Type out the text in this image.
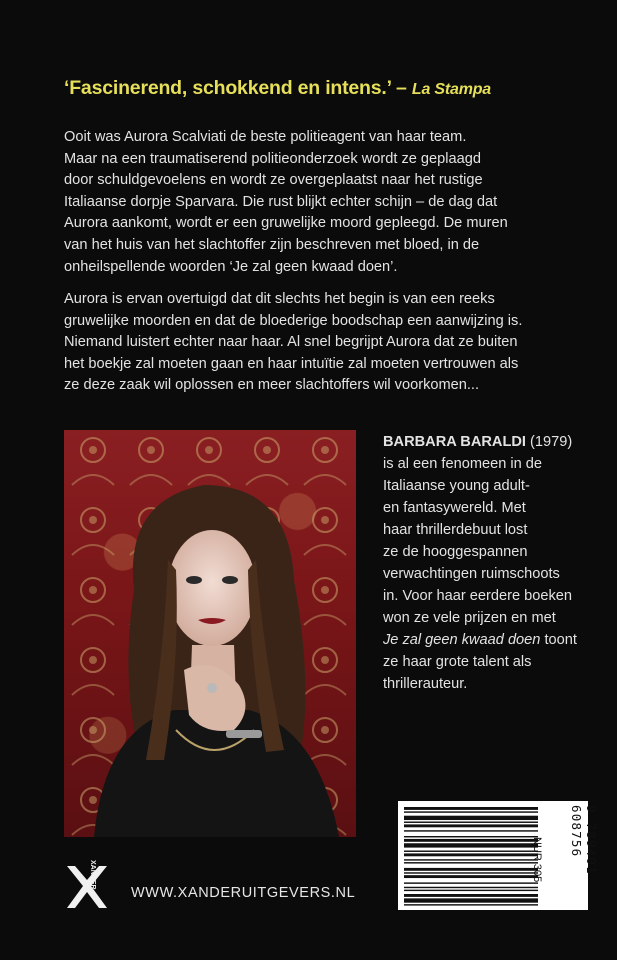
‘Fascinerend, schokkend en intens.’ – La Stampa

Ooit was Aurora Scalviati de beste politieagent van haar team.
Maar na een traumatiserend politieonderzoek wordt ze geplaagd
door schuldgevoelens en wordt ze overgeplaatst naar het rustige
Italiaanse dorpje Sparvara. Die rust blijkt echter schijn – de dag dat
Aurora aankomt, wordt er een gruwelijke moord gepleegd. De muren
van het huis van het slachtoffer zijn beschreven met bloed, in de
onheilspellende woorden ‘Je zal geen kwaad doen’.

Aurora is ervan overtuigd dat dit slechts het begin is van een reeks
gruwelijke moorden en dat de bloederige boodschap een aanwijzing is.
Niemand luistert echter naar haar. Al snel begrijpt Aurora dat ze buiten
het boekje zal moeten gaan en haar intuïtie zal moeten vertrouwen als
ze deze zaak wil oplossen en meer slachtoffers wil voorkomen...

BARBARA BARALDI (1979)
is al een fenomeen in de
Italiaanse young adult-
en fantasywereld. Met
haar thrillerdebuut lost
ze de hooggespannen
verwachtingen ruimschoots
in. Voor haar eerdere boeken
won ze vele prijzen en met
Je zal geen kwaad doen toont
ze haar grote talent als
thrillerauteur.

NUR 305	9 789401 608756
XANDER
WWW.XANDERUITGEVERS.NL
